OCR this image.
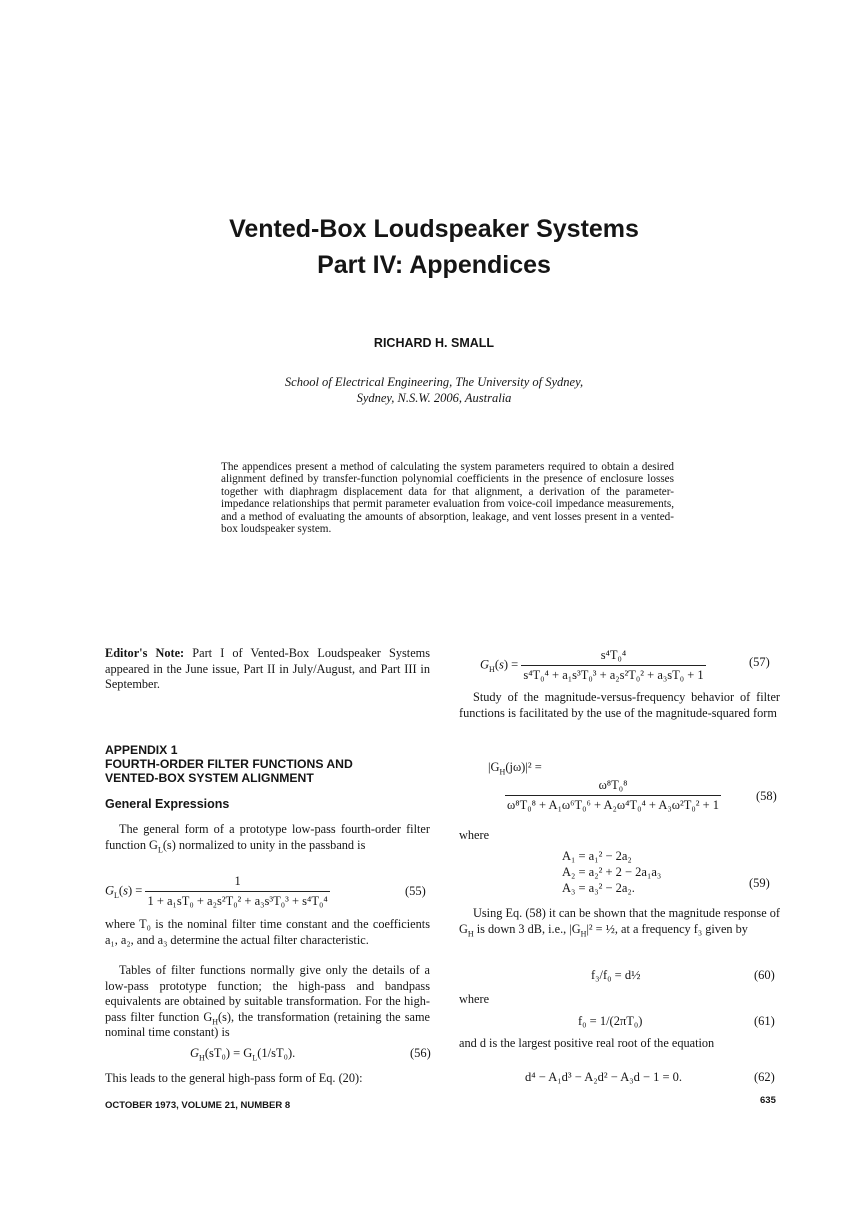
Vented-Box Loudspeaker Systems
Part IV: Appendices
RICHARD H. SMALL
School of Electrical Engineering, The University of Sydney,
Sydney, N.S.W. 2006, Australia
The appendices present a method of calculating the system parameters required to obtain a desired alignment defined by transfer-function polynomial coefficients in the presence of enclosure losses together with diaphragm displacement data for that alignment, a derivation of the parameter-impedance relationships that permit parameter evaluation from voice-coil impedance measurements, and a method of evaluating the amounts of absorption, leakage, and vent losses present in a vented-box loudspeaker system.
Editor's Note: Part I of Vented-Box Loudspeaker Systems appeared in the June issue, Part II in July/August, and Part III in September.
APPENDIX 1
FOURTH-ORDER FILTER FUNCTIONS AND
VENTED-BOX SYSTEM ALIGNMENT
General Expressions
The general form of a prototype low-pass fourth-order filter function $G_L(s)$ normalized to unity in the passband is
$G_L(s) = \frac{1}{\text{1 + a₁sT₀ + a₂s²T₀² + a₃s³T₀³ + s⁴T₀⁴}}$	(55)
where T₀ is the nominal filter time constant and the coefficients a₁, a₂, and a₃ determine the actual filter characteristic.
Tables of filter functions normally give only the details of a low-pass prototype function; the high-pass and bandpass equivalents are obtained by suitable transformation. For the high-pass filter function $G_H(s)$, the transformation (retaining the same nominal time constant) is
$G_H(sT_0) = G_L(1/sT_0)$.	(56)
This leads to the general high-pass form of Eq. (20):
$G_H(s) = \frac{\text{s⁴T₀⁴}}{\text{s⁴T₀⁴ + a₁s³T₀³ + a₂s²T₀² + a₃sT₀ + 1}}$	(57)
Study of the magnitude-versus-frequency behavior of filter functions is facilitated by the use of the magnitude-squared form
$|G_H(j\omega)|^2$ =
$\frac{\text{ω⁸T₀⁸}}{\text{ω⁸T₀⁸ + A₁ω⁶T₀⁶ + A₂ω⁴T₀⁴ + A₃ω²T₀² + 1}}$	(58)
where
A₁ = a₁² − 2a₂
A₂ = a₂² + 2 − 2a₁a₃
A₃ = a₃² − 2a₂.	(59)
Using Eq. (58) it can be shown that the magnitude response of $G_H$ is down 3 dB, i.e., $|G_H|^2$ = ½, at a frequency f₃ given by
f₃/f₀ = d½	(60)
where
f₀ = 1/(2πT₀)	(61)
and d is the largest positive real root of the equation
d⁴ − A₁d³ − A₂d² − A₃d − 1 = 0.	(62)
OCTOBER 1973, VOLUME 21, NUMBER 8	635
